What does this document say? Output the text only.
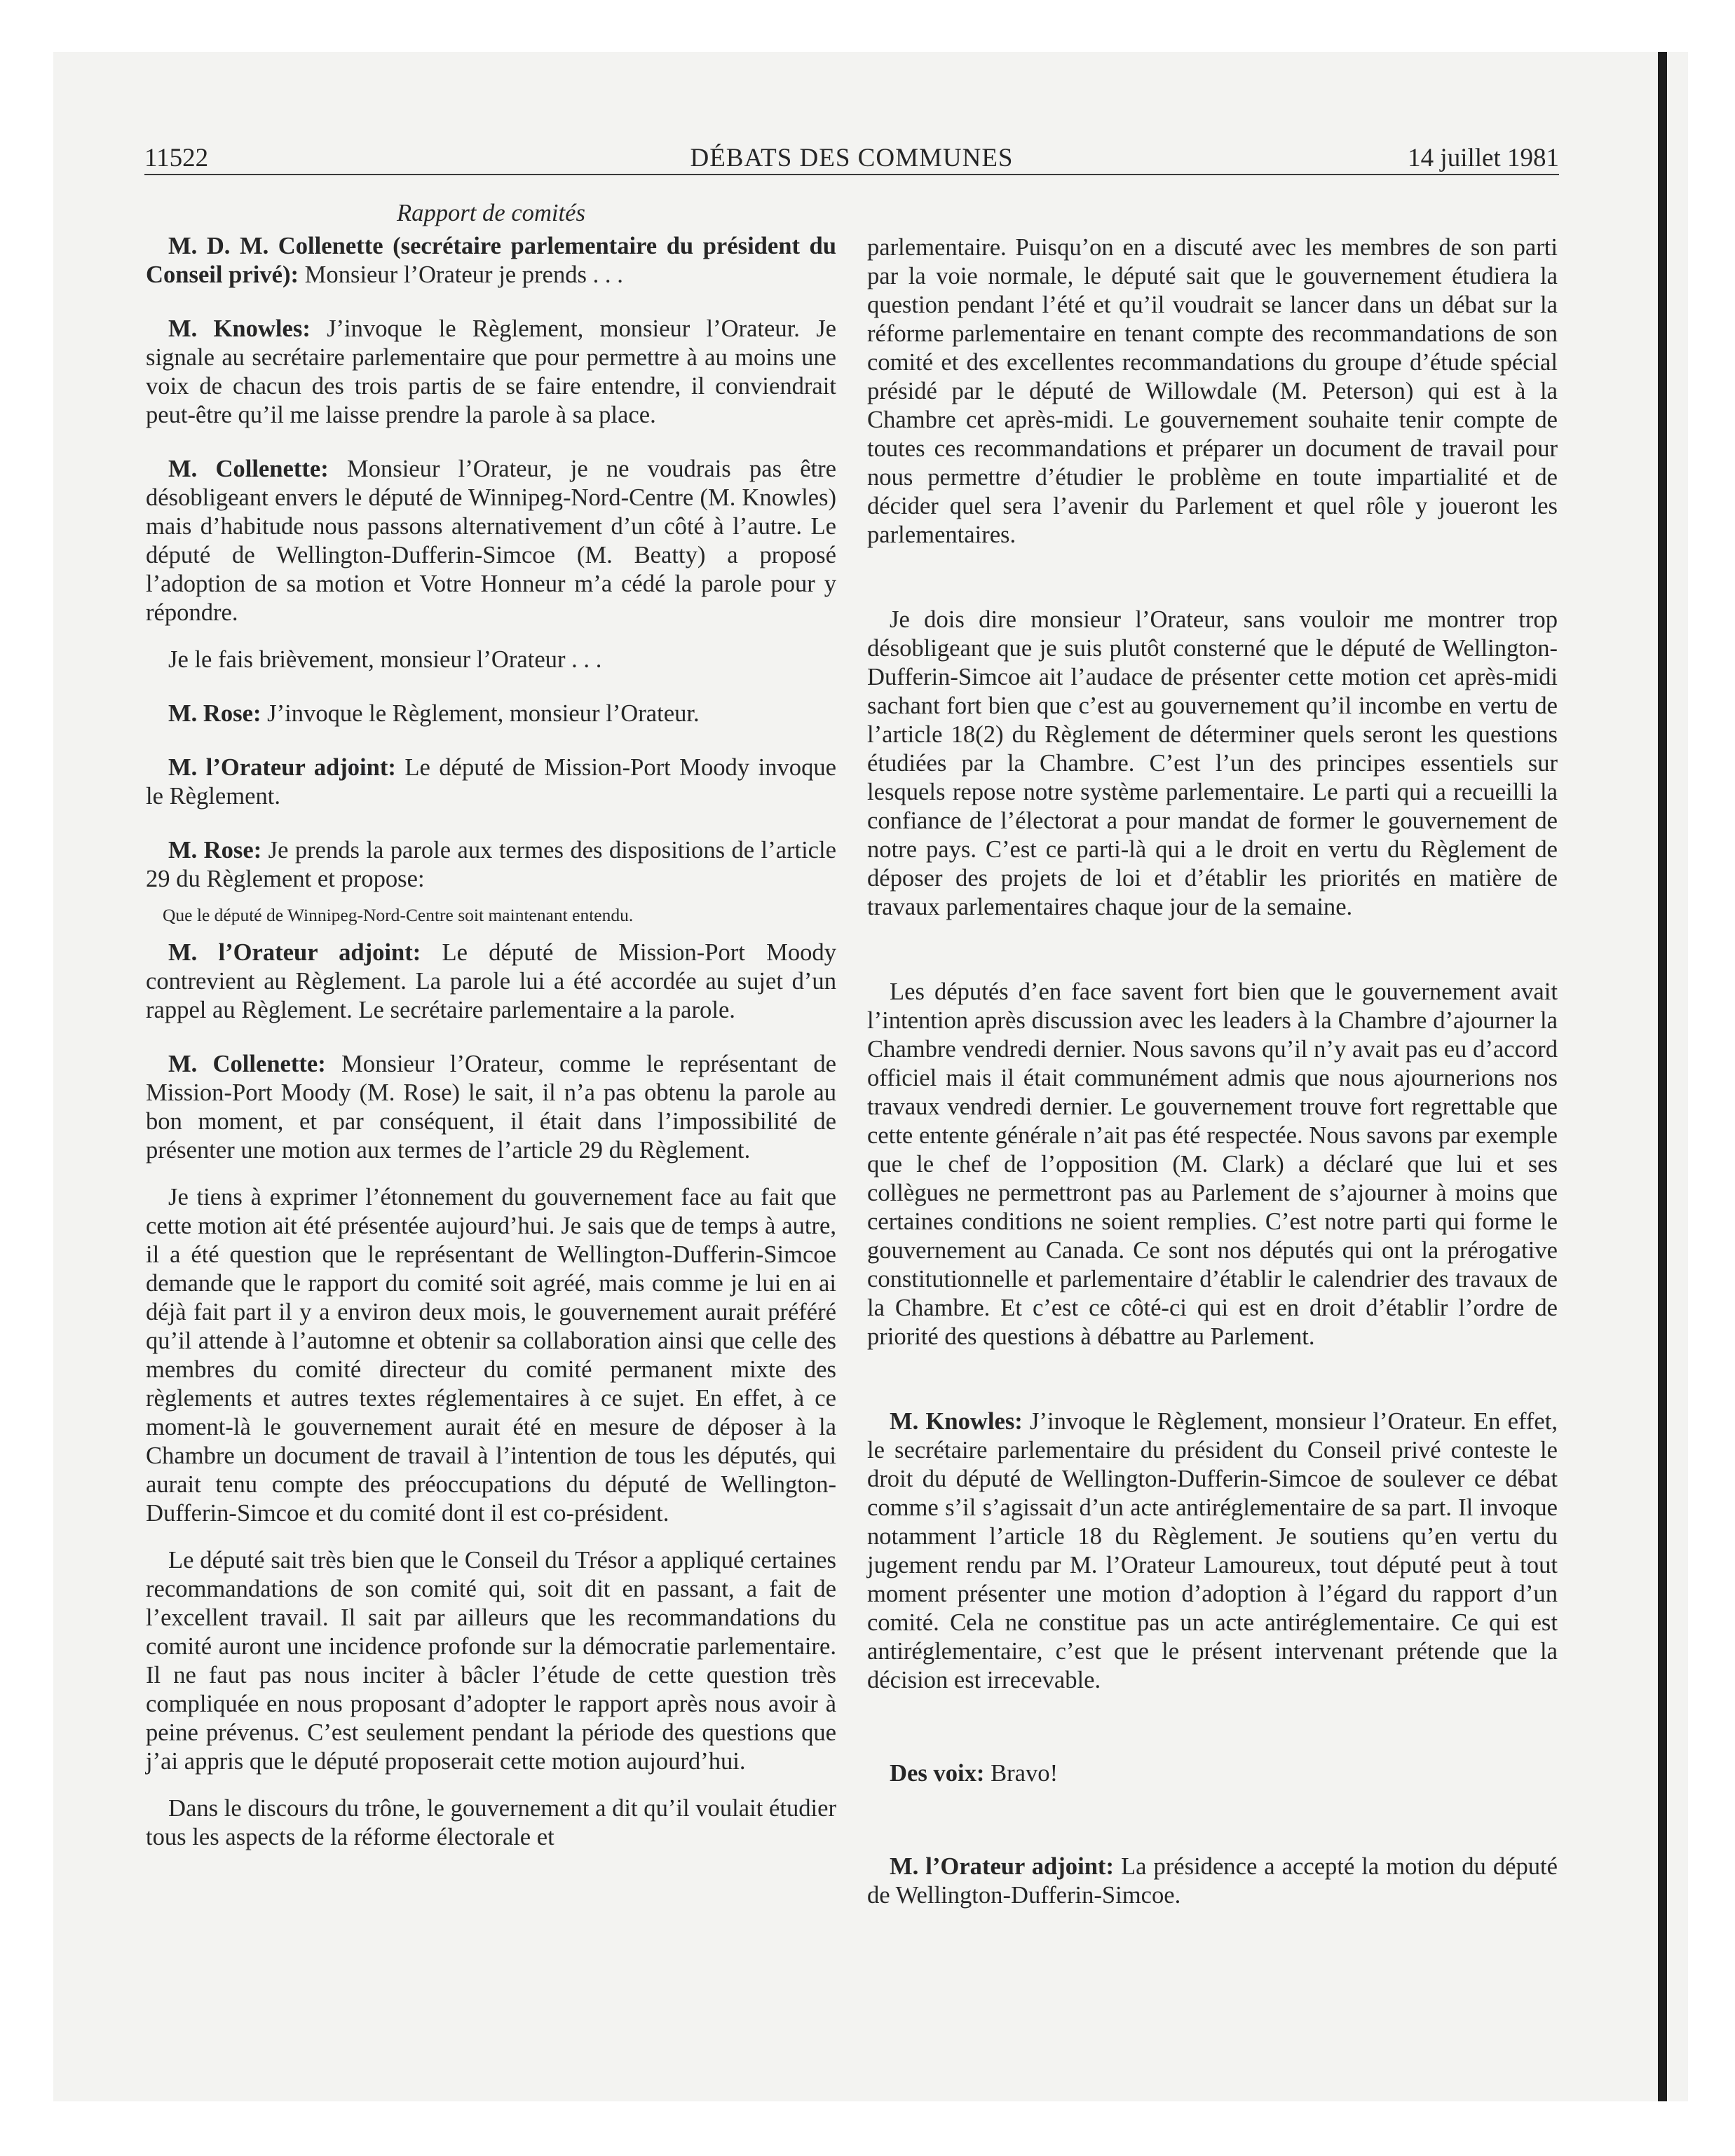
11522	DÉBATS DES COMMUNES	14 juillet 1981

Rapport de comités

M. D. M. Collenette (secrétaire parlementaire du président du Conseil privé): Monsieur l’Orateur je prends . . .

M. Knowles: J’invoque le Règlement, monsieur l’Orateur. Je signale au secrétaire parlementaire que pour permettre à au moins une voix de chacun des trois partis de se faire entendre, il conviendrait peut-être qu’il me laisse prendre la parole à sa place.

M. Collenette: Monsieur l’Orateur, je ne voudrais pas être désobligeant envers le député de Winnipeg-Nord-Centre (M. Knowles) mais d’habitude nous passons alternativement d’un côté à l’autre. Le député de Wellington-Dufferin-Simcoe (M. Beatty) a proposé l’adoption de sa motion et Votre Honneur m’a cédé la parole pour y répondre.

Je le fais brièvement, monsieur l’Orateur . . .

M. Rose: J’invoque le Règlement, monsieur l’Orateur.

M. l’Orateur adjoint: Le député de Mission-Port Moody invoque le Règlement.

M. Rose: Je prends la parole aux termes des dispositions de l’article 29 du Règlement et propose:

Que le député de Winnipeg-Nord-Centre soit maintenant entendu.

M. l’Orateur adjoint: Le député de Mission-Port Moody contrevient au Règlement. La parole lui a été accordée au sujet d’un rappel au Règlement. Le secrétaire parlementaire a la parole.

M. Collenette: Monsieur l’Orateur, comme le représentant de Mission-Port Moody (M. Rose) le sait, il n’a pas obtenu la parole au bon moment, et par conséquent, il était dans l’impossibilité de présenter une motion aux termes de l’article 29 du Règlement.

Je tiens à exprimer l’étonnement du gouvernement face au fait que cette motion ait été présentée aujourd’hui. Je sais que de temps à autre, il a été question que le représentant de Wellington-Dufferin-Simcoe demande que le rapport du comité soit agréé, mais comme je lui en ai déjà fait part il y a environ deux mois, le gouvernement aurait préféré qu’il attende à l’automne et obtenir sa collaboration ainsi que celle des membres du comité directeur du comité permanent mixte des règlements et autres textes réglementaires à ce sujet. En effet, à ce moment-là le gouvernement aurait été en mesure de déposer à la Chambre un document de travail à l’intention de tous les députés, qui aurait tenu compte des préoccupations du député de Wellington-Dufferin-Simcoe et du comité dont il est co-président.

Le député sait très bien que le Conseil du Trésor a appliqué certaines recommandations de son comité qui, soit dit en passant, a fait de l’excellent travail. Il sait par ailleurs que les recommandations du comité auront une incidence profonde sur la démocratie parlementaire. Il ne faut pas nous inciter à bâcler l’étude de cette question très compliquée en nous proposant d’adopter le rapport après nous avoir à peine prévenus. C’est seulement pendant la période des questions que j’ai appris que le député proposerait cette motion aujourd’hui.

Dans le discours du trône, le gouvernement a dit qu’il voulait étudier tous les aspects de la réforme électorale et

parlementaire. Puisqu’on en a discuté avec les membres de son parti par la voie normale, le député sait que le gouvernement étudiera la question pendant l’été et qu’il voudrait se lancer dans un débat sur la réforme parlementaire en tenant compte des recommandations de son comité et des excellentes recommandations du groupe d’étude spécial présidé par le député de Willowdale (M. Peterson) qui est à la Chambre cet après-midi. Le gouvernement souhaite tenir compte de toutes ces recommandations et préparer un document de travail pour nous permettre d’étudier le problème en toute impartialité et de décider quel sera l’avenir du Parlement et quel rôle y joueront les parlementaires.

Je dois dire monsieur l’Orateur, sans vouloir me montrer trop désobligeant que je suis plutôt consterné que le député de Wellington-Dufferin-Simcoe ait l’audace de présenter cette motion cet après-midi sachant fort bien que c’est au gouvernement qu’il incombe en vertu de l’article 18(2) du Règlement de déterminer quels seront les questions étudiées par la Chambre. C’est l’un des principes essentiels sur lesquels repose notre système parlementaire. Le parti qui a recueilli la confiance de l’électorat a pour mandat de former le gouvernement de notre pays. C’est ce parti-là qui a le droit en vertu du Règlement de déposer des projets de loi et d’établir les priorités en matière de travaux parlementaires chaque jour de la semaine.

Les députés d’en face savent fort bien que le gouvernement avait l’intention après discussion avec les leaders à la Chambre d’ajourner la Chambre vendredi dernier. Nous savons qu’il n’y avait pas eu d’accord officiel mais il était communément admis que nous ajournerions nos travaux vendredi dernier. Le gouvernement trouve fort regrettable que cette entente générale n’ait pas été respectée. Nous savons par exemple que le chef de l’opposition (M. Clark) a déclaré que lui et ses collègues ne permettront pas au Parlement de s’ajourner à moins que certaines conditions ne soient remplies. C’est notre parti qui forme le gouvernement au Canada. Ce sont nos députés qui ont la prérogative constitutionnelle et parlementaire d’établir le calendrier des travaux de la Chambre. Et c’est ce côté-ci qui est en droit d’établir l’ordre de priorité des questions à débattre au Parlement.

M. Knowles: J’invoque le Règlement, monsieur l’Orateur. En effet, le secrétaire parlementaire du président du Conseil privé conteste le droit du député de Wellington-Dufferin-Simcoe de soulever ce débat comme s’il s’agissait d’un acte antiréglementaire de sa part. Il invoque notamment l’article 18 du Règlement. Je soutiens qu’en vertu du jugement rendu par M. l’Orateur Lamoureux, tout député peut à tout moment présenter une motion d’adoption à l’égard du rapport d’un comité. Cela ne constitue pas un acte antiréglementaire. Ce qui est antiréglementaire, c’est que le présent intervenant prétende que la décision est irrecevable.

Des voix: Bravo!

M. l’Orateur adjoint: La présidence a accepté la motion du député de Wellington-Dufferin-Simcoe.
